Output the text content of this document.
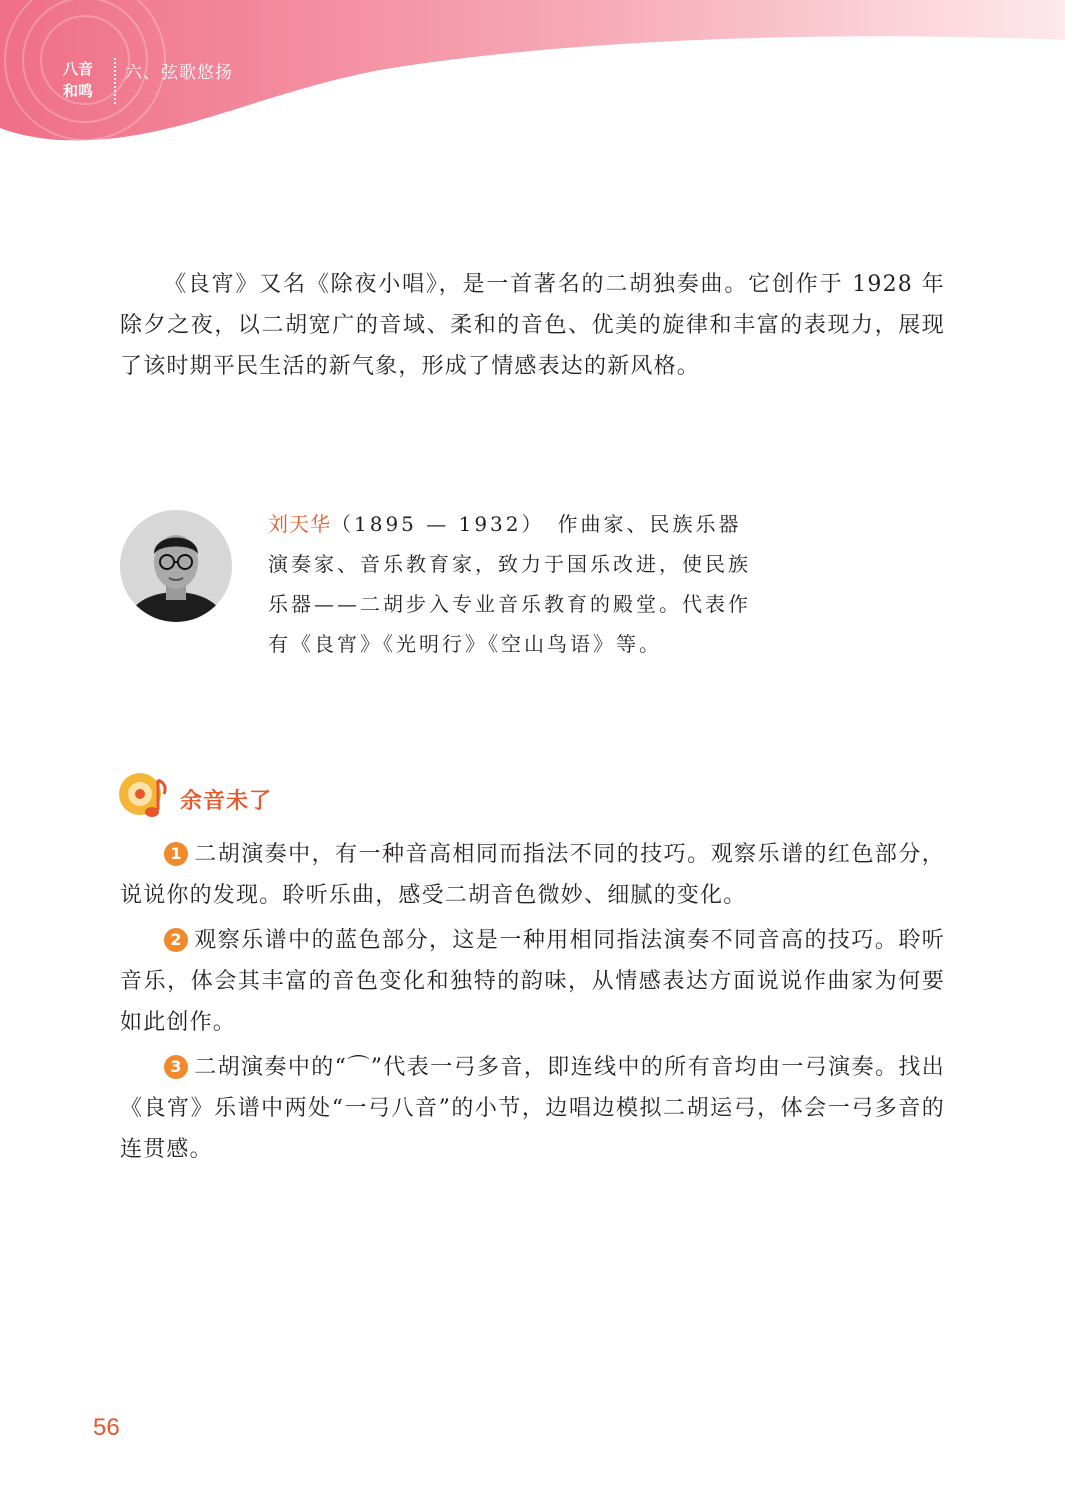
八音
和鸣
六、弦歌悠扬

《良宵》又名《除夜小唱》，是一首著名的二胡独奏曲。它创作于 1928 年除夕之夜，以二胡宽广的音域、柔和的音色、优美的旋律和丰富的表现力，展现了该时期平民生活的新气象，形成了情感表达的新风格。

刘天华（1895 — 1932）　 作曲家、民族乐器演奏家、音乐教育家，致力于国乐改进，使民族乐器——二胡步入专业音乐教育的殿堂。代表作有《良宵》《光明行》《空山鸟语》等。
余音未了

1 二胡演奏中，有一种音高相同而指法不同的技巧。观察乐谱的红色部分，说说你的发现。聆听乐曲，感受二胡音色微妙、细腻的变化。

2 观察乐谱中的蓝色部分，这是一种用相同指法演奏不同音高的技巧。聆听音乐，体会其丰富的音色变化和独特的韵味，从情感表达方面说说作曲家为何要如此创作。

3 二胡演奏中的“⌒”代表一弓多音，即连线中的所有音均由一弓演奏。找出《良宵》乐谱中两处“一弓八音”的小节，边唱边模拟二胡运弓，体会一弓多音的连贯感。

56
